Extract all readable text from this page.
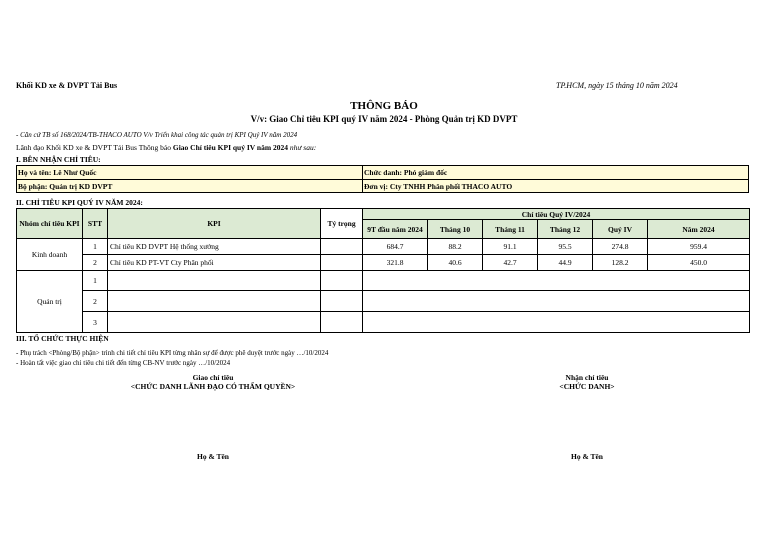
Khối KD xe & DVPT Tải Bus	TP.HCM, ngày 15 tháng 10 năm 2024
THÔNG BÁO
V/v: Giao Chỉ tiêu KPI quý IV năm 2024 - Phòng Quản trị KD DVPT
- Căn cứ TB số 168/2024/TB-THACO AUTO V/v Triển khai công tác quản trị KPI Quý IV năm 2024
Lãnh đạo Khối KD xe & DVPT Tải Bus Thông báo Giao Chỉ tiêu KPI quý IV năm 2024 như sau:
I. BÊN NHẬN CHỈ TIÊU:
Họ và tên: Lê Như Quốc	Chức danh: Phó giám đốc
Bộ phận: Quản trị KD DVPT	Đơn vị: Cty TNHH Phân phối THACO AUTO
II. CHỈ TIÊU KPI QUÝ IV NĂM 2024:
Nhóm chỉ tiêu KPI	STT	KPI	Tỷ trọng	Chỉ tiêu Quý IV/2024					
				9T đầu năm 2024	Tháng 10	Tháng 11	Tháng 12	Quý IV	Năm 2024
Kinh doanh	1	Chỉ tiêu KD DVPT Hệ thống xưởng		684.7	88.2	91.1	95.5	274.8	959.4
	2	Chỉ tiêu KD PT-VT Cty Phân phối		321.8	40.6	42.7	44.9	128.2	450.0
Quản trị	1								
	2								
	3								
III. TỔ CHỨC THỰC HIỆN
- Phụ trách <Phòng/Bộ phận> trình chi tiết chỉ tiêu KPI từng nhân sự để được phê duyệt trước ngày …/10/2024
- Hoàn tất việc giao chỉ tiêu chi tiết đến từng CB-NV trước ngày …/10/2024
Giao chỉ tiêu
<CHỨC DANH LÃNH ĐẠO CÓ THẨM QUYỀN>
Họ & Tên
Nhận chỉ tiêu
<CHỨC DANH>
Họ & Tên
